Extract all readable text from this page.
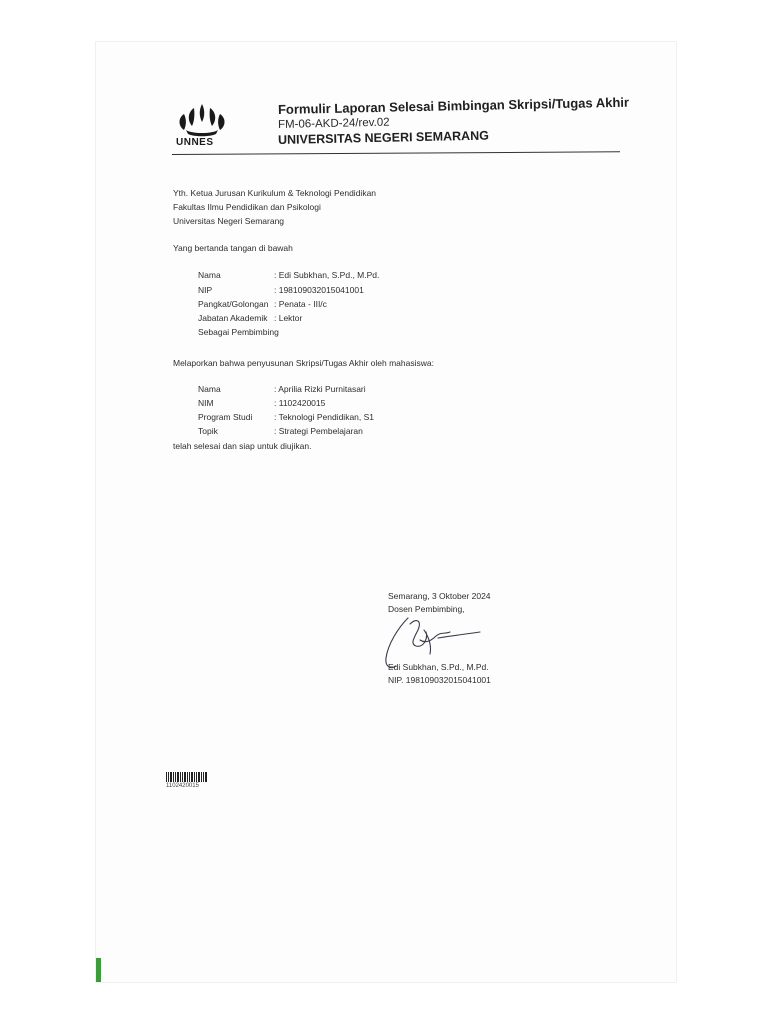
UNNES
Formulir Laporan Selesai Bimbingan Skripsi/Tugas Akhir
FM-06-AKD-24/rev.02
UNIVERSITAS NEGERI SEMARANG
Yth. Ketua Jurusan Kurikulum & Teknologi Pendidikan
Fakultas Ilmu Pendidikan dan Psikologi
Universitas Negeri Semarang
Yang bertanda tangan di bawah
Nama	: Edi Subkhan, S.Pd., M.Pd.
NIP	: 198109032015041001
Pangkat/Golongan : Penata - III/c
Jabatan Akademik : Lektor
Sebagai Pembimbing
Melaporkan bahwa penyusunan Skripsi/Tugas Akhir oleh mahasiswa:
Nama	: Aprilia Rizki Purnitasari
NIM	: 1102420015
Program Studi	: Teknologi Pendidikan, S1
Topik	: Strategi Pembelajaran
telah selesai dan siap untuk diujikan.
Semarang, 3 Oktober 2024
Dosen Pembimbing,
Edi Subkhan, S.Pd., M.Pd.
NIP. 198109032015041001
1102420015
